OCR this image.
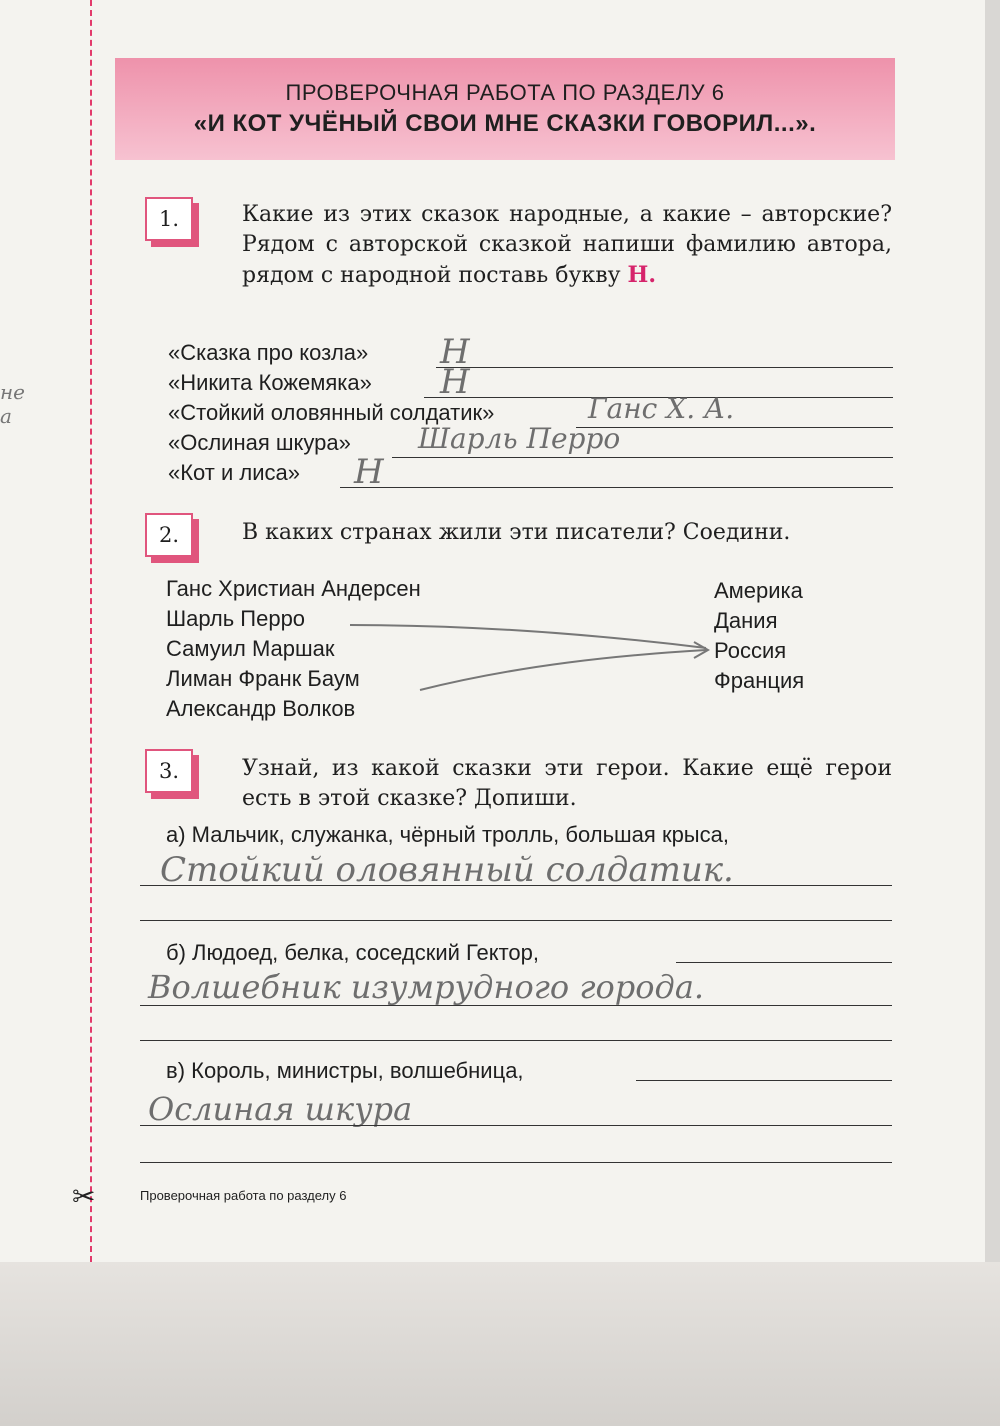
не а
ПРОВЕРОЧНАЯ РАБОТА ПО РАЗДЕЛУ 6
«И КОТ УЧЁНЫЙ СВОИ МНЕ СКАЗКИ ГОВОРИЛ...».
1.	Какие из этих сказок народные, а какие – авторские? Рядом с авторской сказкой напиши фамилию автора, рядом с народной поставь букву Н.
«Сказка про козла» Н
«Никита Кожемяка» Н
«Стойкий оловянный солдатик»	Ганс Х. А.
«Ослиная шкура» Шарль Перро
«Кот и лиса» Н
2.	В каких странах жили эти писатели? Соедини.
Ганс Христиан Андерсен
Шарль Перро
Самуил Маршак
Лиман Франк Баум
Александр Волков
Америка
Дания
Россия
Франция
3.	Узнай, из какой сказки эти герои. Какие ещё герои есть в этой сказке? Допиши.
а) Мальчик, служанка, чёрный тролль, большая крыса,
Стойкий оловянный солдатик.
б) Людоед, белка, соседский Гектор,
Волшебник изумрудного города.
в) Король, министры, волшебница,
Ослиная шкура
✂	Проверочная работа по разделу 6
